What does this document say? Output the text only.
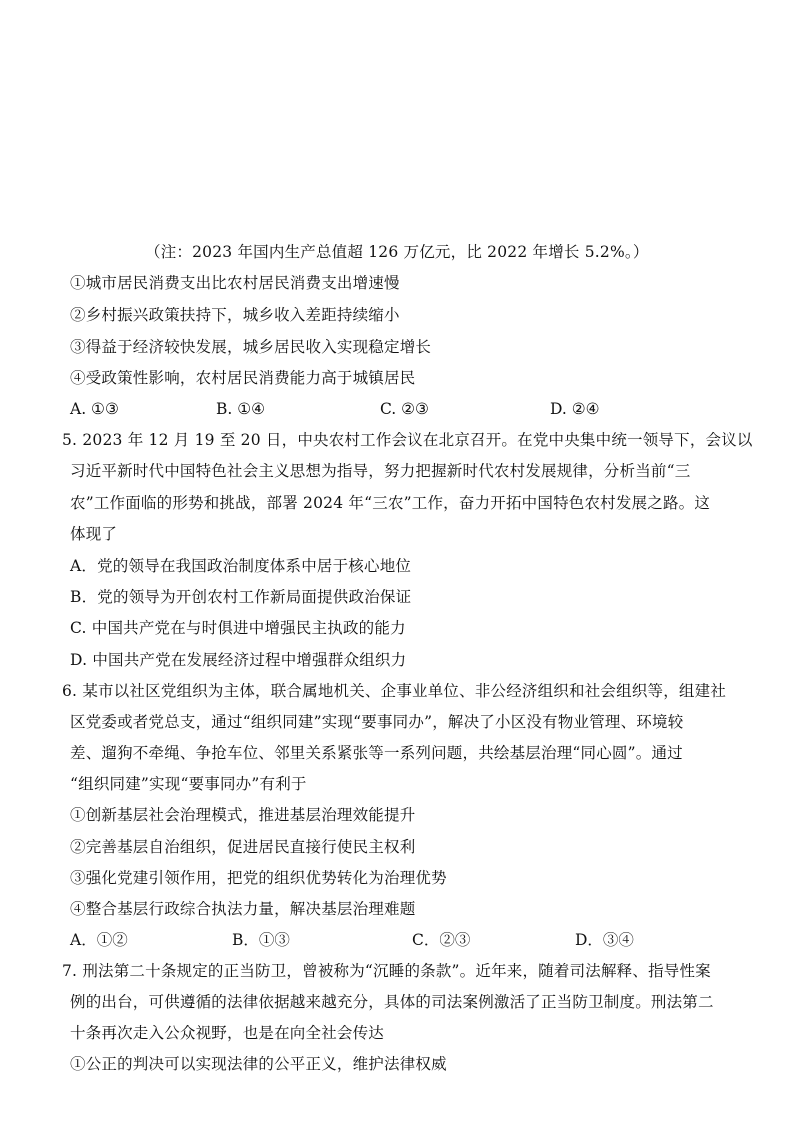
（注：2023 年国内生产总值超 126 万亿元，比 2022 年增长 5.2%。）
①城市居民消费支出比农村居民消费支出增速慢
②乡村振兴政策扶持下，城乡收入差距持续缩小
③得益于经济较快发展，城乡居民收入实现稳定增长
④受政策性影响，农村居民消费能力高于城镇居民
A. ①③	B. ①④	C. ②③	D. ②④
5. 2023 年 12 月 19 至 20 日，中央农村工作会议在北京召开。在党中央集中统一领导下，会议以
习近平新时代中国特色社会主义思想为指导，努力把握新时代农村发展规律，分析当前“三
农”工作面临的形势和挑战，部署 2024 年“三农”工作，奋力开拓中国特色农村发展之路。这
体现了
A．党的领导在我国政治制度体系中居于核心地位
B．党的领导为开创农村工作新局面提供政治保证
C. 中国共产党在与时俱进中增强民主执政的能力
D. 中国共产党在发展经济过程中增强群众组织力
6. 某市以社区党组织为主体，联合属地机关、企事业单位、非公经济组织和社会组织等，组建社
区党委或者党总支，通过“组织同建”实现“要事同办”，解决了小区没有物业管理、环境较
差、遛狗不牵绳、争抢车位、邻里关系紧张等一系列问题，共绘基层治理“同心圆”。通过
“组织同建”实现“要事同办”有利于
①创新基层社会治理模式，推进基层治理效能提升
②完善基层自治组织，促进居民直接行使民主权利
③强化党建引领作用，把党的组织优势转化为治理优势
④整合基层行政综合执法力量，解决基层治理难题
A．①②	B．①③	C．②③	D．③④
7. 刑法第二十条规定的正当防卫，曾被称为“沉睡的条款”。近年来，随着司法解释、指导性案
例的出台，可供遵循的法律依据越来越充分，具体的司法案例激活了正当防卫制度。刑法第二
十条再次走入公众视野，也是在向全社会传达
①公正的判决可以实现法律的公平正义，维护法律权威
